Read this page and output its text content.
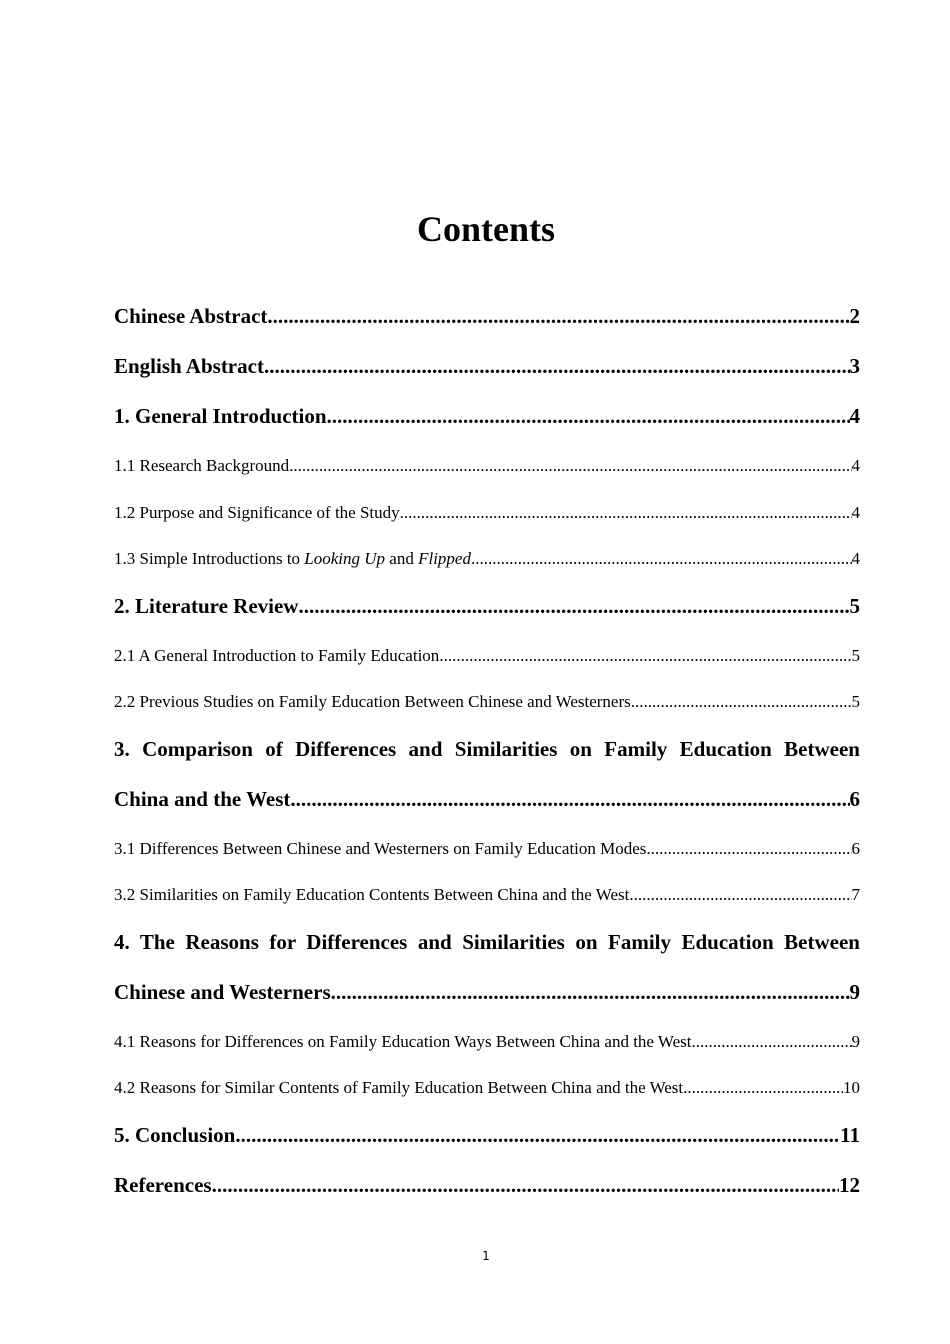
Contents
Chinese Abstract .....	2
English Abstract .....	3
1. General Introduction .....	4
1.1 Research Background .....	4
1.2 Purpose and Significance of the Study .....	4
1.3 Simple Introductions to Looking Up and Flipped .....	4
2. Literature Review .....	5
2.1 A General Introduction to Family Education .....	5
2.2 Previous Studies on Family Education Between Chinese and Westerners .....	5
3. Comparison of Differences and Similarities on Family Education Between
China and the West .....	6
3.1 Differences Between Chinese and Westerners on Family Education Modes .....	6
3.2 Similarities on Family Education Contents Between China and the West .....	7
4. The Reasons for Differences and Similarities on Family Education Between
Chinese and Westerners .....	9
4.1 Reasons for Differences on Family Education Ways Between China and the West .....	9
4.2 Reasons for Similar Contents of Family Education Between China and the West .....	10
5. Conclusion .....	11
References .....	12
1
